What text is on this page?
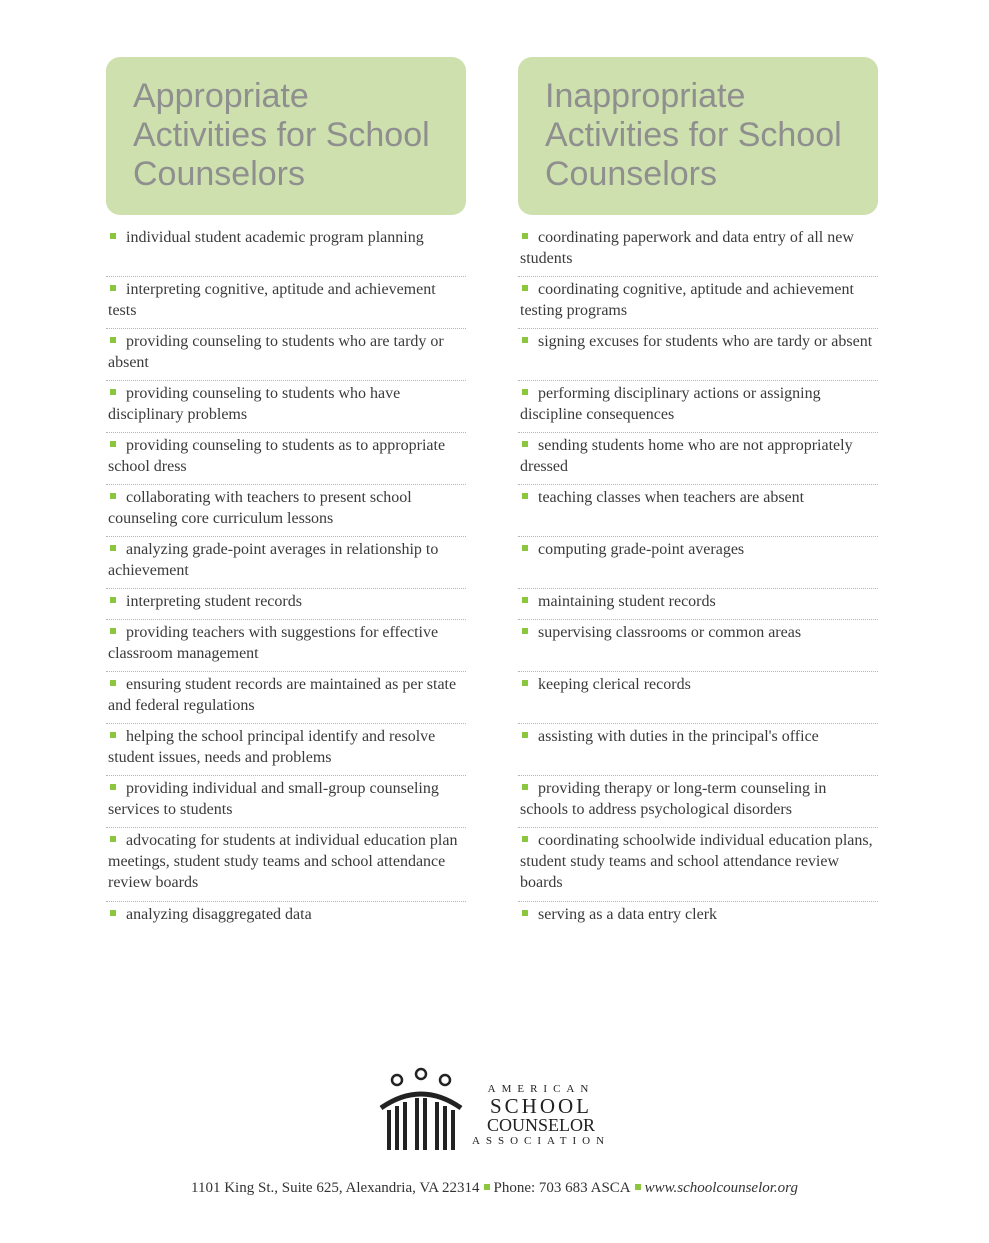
Appropriate Activities for School Counselors
individual student academic program planning
interpreting cognitive, aptitude and achievement tests
providing counseling to students who are tardy or absent
providing counseling to students who have disciplinary problems
providing counseling to students as to appropriate school dress
collaborating with teachers to present school counseling core curriculum lessons
analyzing grade-point averages in relationship to achievement
interpreting student records
providing teachers with suggestions for effective classroom management
ensuring student records are maintained as per state and federal regulations
helping the school principal identify and resolve student issues, needs and problems
providing individual and small-group counseling services to students
advocating for students at individual education plan meetings, student study teams and school attendance review boards
analyzing disaggregated data
Inappropriate Activities for School Counselors
coordinating paperwork and data entry of all new students
coordinating cognitive, aptitude and achievement testing programs
signing excuses for students who are tardy or absent
performing disciplinary actions or assigning discipline consequences
sending students home who are not appropriately dressed
teaching classes when teachers are absent
computing grade-point averages
maintaining student records
supervising classrooms or common areas
keeping clerical records
assisting with duties in the principal's office
providing therapy or long-term counseling in schools to address psychological disorders
coordinating schoolwide individual education plans, student study teams and school attendance review boards
serving as a data entry clerk
AMERICAN
SCHOOL
COUNSELOR
ASSOCIATION
1101 King St., Suite 625, Alexandria, VA 22314 Phone: 703 683 ASCA www.schoolcounselor.org
